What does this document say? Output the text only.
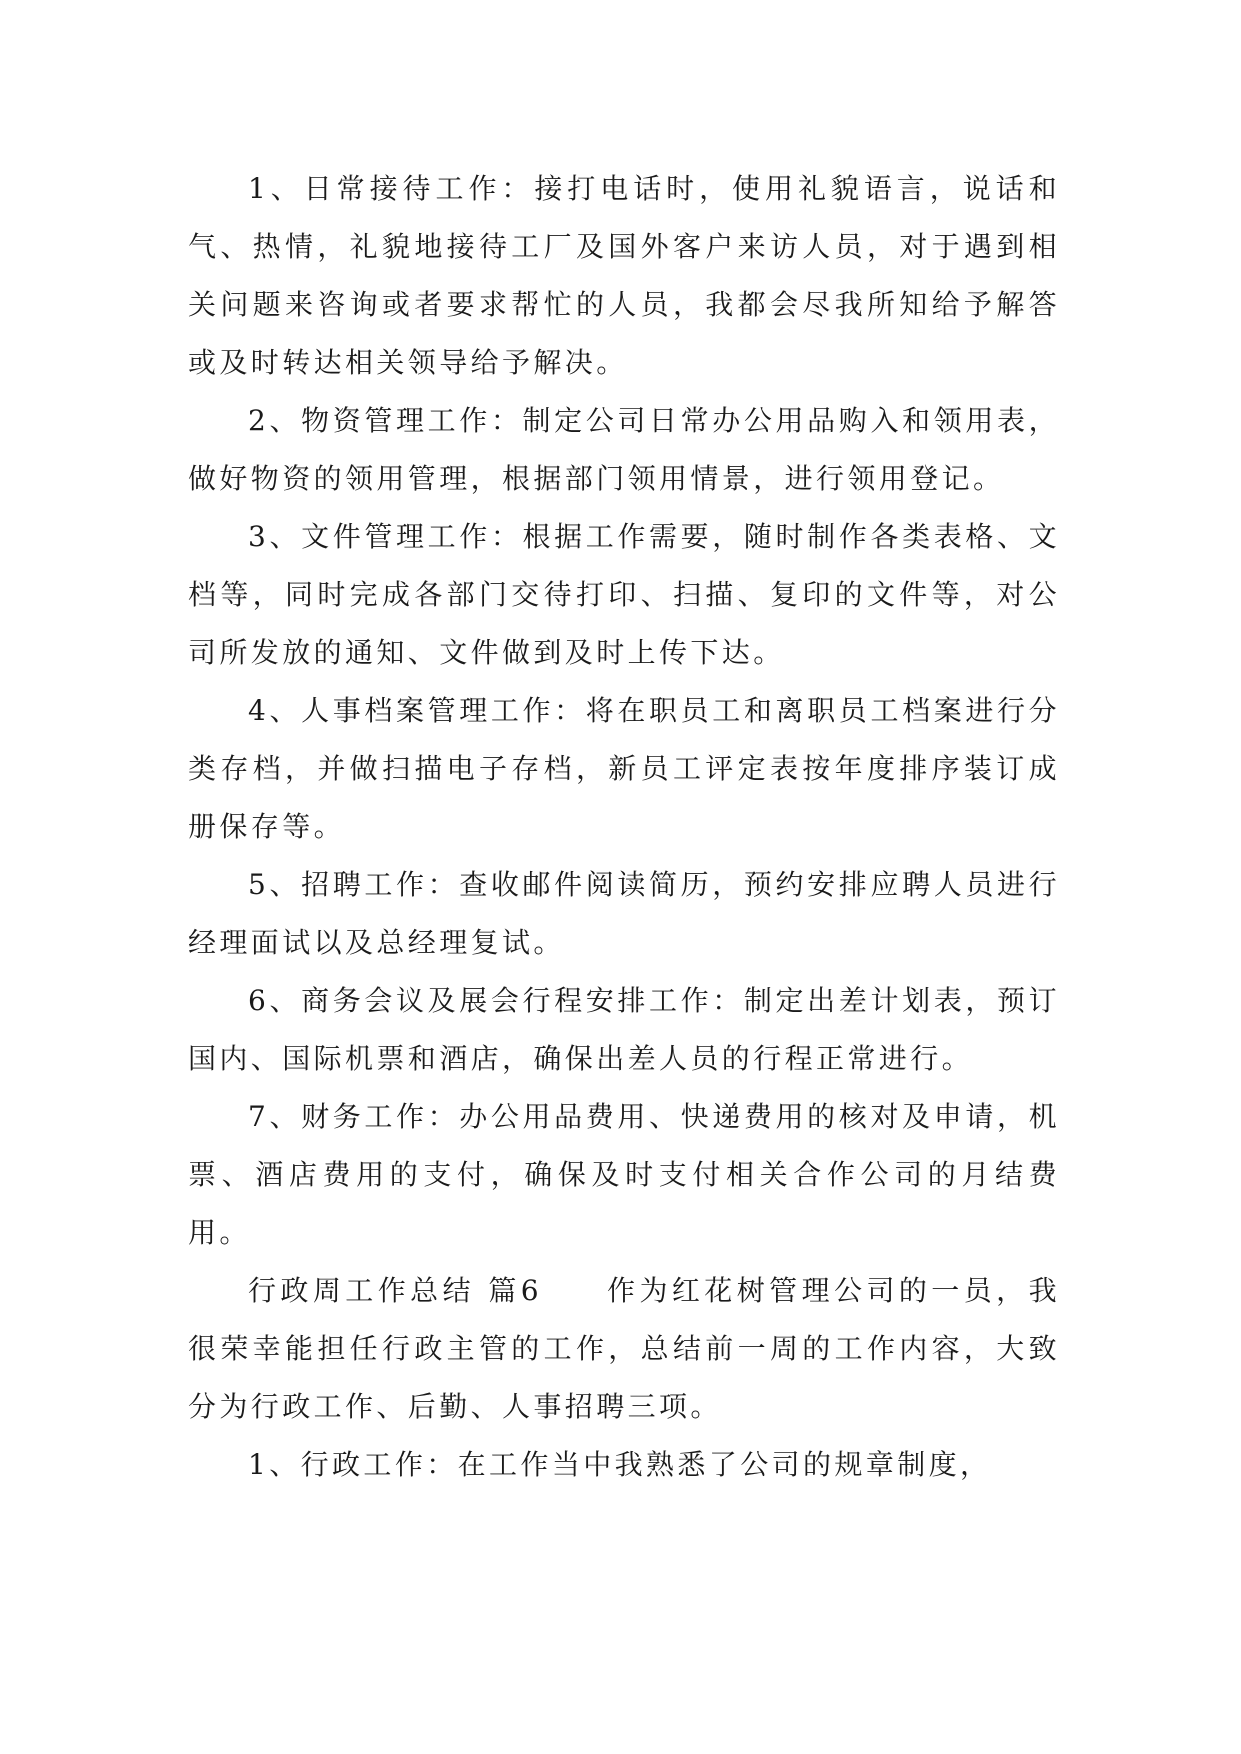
1、日常接待工作：接打电话时，使用礼貌语言，说话和气、热情，礼貌地接待工厂及国外客户来访人员，对于遇到相关问题来咨询或者要求帮忙的人员，我都会尽我所知给予解答或及时转达相关领导给予解决。

2、物资管理工作：制定公司日常办公用品购入和领用表，做好物资的领用管理，根据部门领用情景，进行领用登记。

3、文件管理工作：根据工作需要，随时制作各类表格、文档等，同时完成各部门交待打印、扫描、复印的文件等，对公司所发放的通知、文件做到及时上传下达。

4、人事档案管理工作：将在职员工和离职员工档案进行分类存档，并做扫描电子存档，新员工评定表按年度排序装订成册保存等。

5、招聘工作：查收邮件阅读简历，预约安排应聘人员进行经理面试以及总经理复试。

6、商务会议及展会行程安排工作：制定出差计划表，预订国内、国际机票和酒店，确保出差人员的行程正常进行。

7、财务工作：办公用品费用、快递费用的核对及申请，机票、酒店费用的支付，确保及时支付相关合作公司的月结费用。

行政周工作总结 篇6 作为红花树管理公司的一员，我很荣幸能担任行政主管的工作，总结前一周的工作内容，大致分为行政工作、后勤、人事招聘三项。

1、行政工作：在工作当中我熟悉了公司的规章制度，
